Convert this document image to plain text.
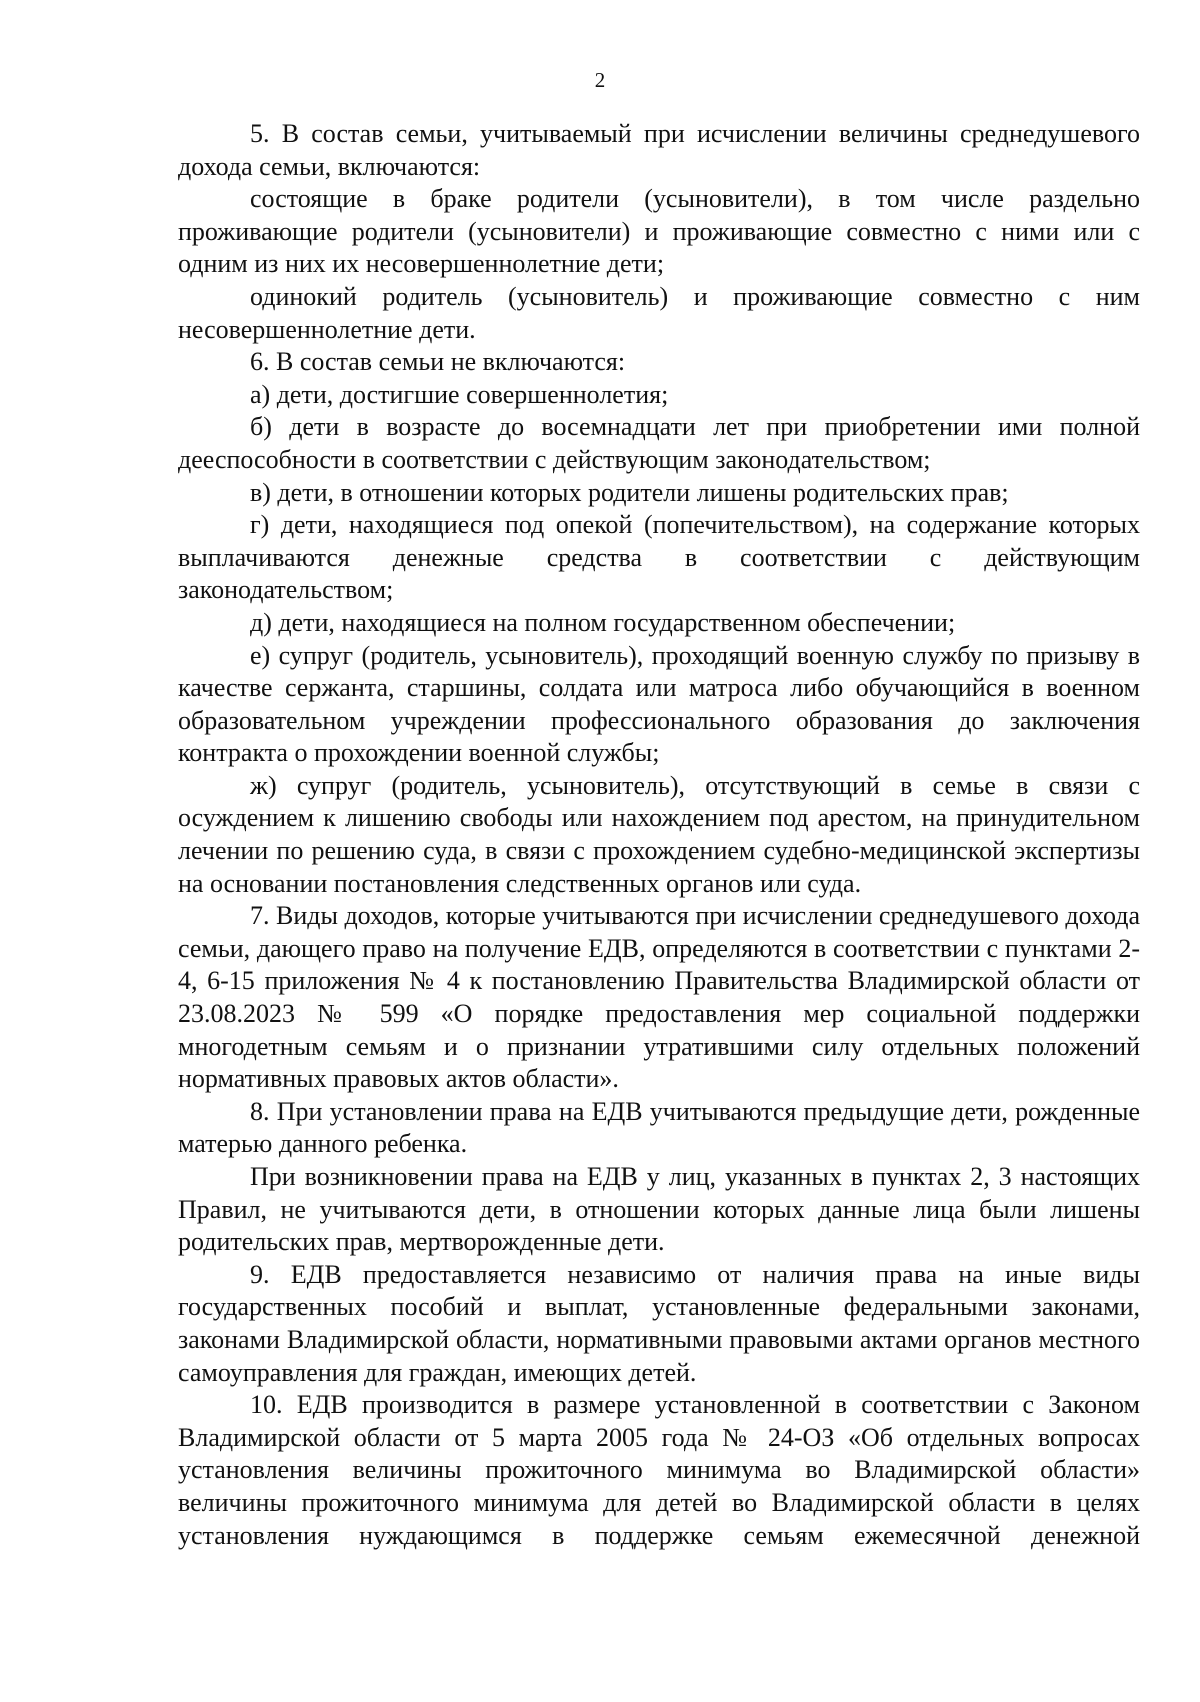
2

5. В состав семьи, учитываемый при исчислении величины среднедушевого дохода семьи, включаются:

состоящие в браке родители (усыновители), в том числе раздельно проживающие родители (усыновители) и проживающие совместно с ними или с одним из них их несовершеннолетние дети;

одинокий родитель (усыновитель) и проживающие совместно с ним несовершеннолетние дети.

6. В состав семьи не включаются:

а) дети, достигшие совершеннолетия;

б) дети в возрасте до восемнадцати лет при приобретении ими полной дееспособности в соответствии с действующим законодательством;

в) дети, в отношении которых родители лишены родительских прав;

г) дети, находящиеся под опекой (попечительством), на содержание которых выплачиваются денежные средства в соответствии с действующим законодательством;

д) дети, находящиеся на полном государственном обеспечении;

е) супруг (родитель, усыновитель), проходящий военную службу по призыву в качестве сержанта, старшины, солдата или матроса либо обучающийся в военном образовательном учреждении профессионального образования до заключения контракта о прохождении военной службы;

ж) супруг (родитель, усыновитель), отсутствующий в семье в связи с осуждением к лишению свободы или нахождением под арестом, на принудительном лечении по решению суда, в связи с прохождением судебно-медицинской экспертизы на основании постановления следственных органов или суда.

7. Виды доходов, которые учитываются при исчислении среднедушевого дохода семьи, дающего право на получение ЕДВ, определяются в соответствии с пунктами 2-4, 6-15 приложения № 4 к постановлению Правительства Владимирской области от 23.08.2023 № 599 «О порядке предоставления мер социальной поддержки многодетным семьям и о признании утратившими силу отдельных положений нормативных правовых актов области».

8. При установлении права на ЕДВ учитываются предыдущие дети, рожденные матерью данного ребенка.

При возникновении права на ЕДВ у лиц, указанных в пунктах 2, 3 настоящих Правил, не учитываются дети, в отношении которых данные лица были лишены родительских прав, мертворожденные дети.

9. ЕДВ предоставляется независимо от наличия права на иные виды государственных пособий и выплат, установленные федеральными законами, законами Владимирской области, нормативными правовыми актами органов местного самоуправления для граждан, имеющих детей.

10. ЕДВ производится в размере установленной в соответствии с Законом Владимирской области от 5 марта 2005 года № 24-ОЗ «Об отдельных вопросах установления величины прожиточного минимума во Владимирской области» величины прожиточного минимума для детей во Владимирской области в целях установления нуждающимся в поддержке семьям ежемесячной денежной
